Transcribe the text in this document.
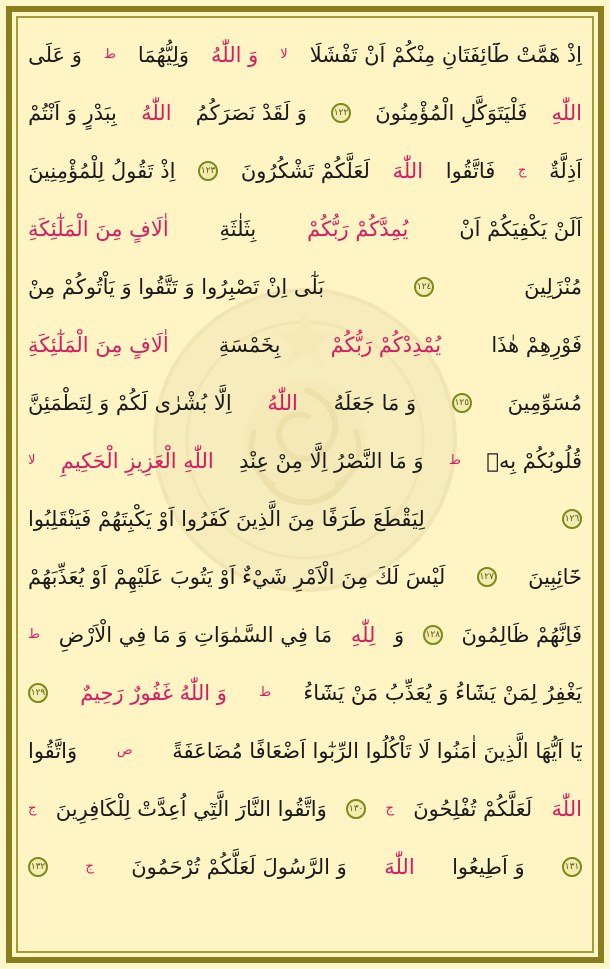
اِذْ هَمَّتْ طَٓائِفَتَانِ مِنْكُمْ اَنْ تَفْشَلَا
لا
وَ اللّٰهُ
وَلِيُّهُمَا
ط
وَ عَلَى
اللّٰهِ
فَلْيَتَوَكَّلِ الْمُؤْمِنُونَ
١٢٢
وَ لَقَدْ نَصَرَكُمُ
اللّٰهُ
بِبَدْرٍ وَ اَنْتُمْ
اَذِلَّةٌ
ج
فَاتَّقُوا
اللّٰهَ
لَعَلَّكُمْ تَشْكُرُونَ
١٢٣
اِذْ تَقُولُ لِلْمُؤْمِنِينَ
اَلَنْ يَكْفِيَكُمْ اَنْ
يُمِدَّكُمْ رَبُّكُمْ
بِثَلٰثَةِ
اٰلَافٍ مِنَ الْمَلٰٓئِكَةِ
مُنْزَلِينَ
١٢٤
بَلٰٓى اِنْ تَصْبِرُوا وَ تَتَّقُوا وَ يَاْتُوكُمْ مِنْ
فَوْرِهِمْ هٰذَا
يُمْدِدْكُمْ رَبُّكُمْ
بِخَمْسَةِ
اٰلَافٍ مِنَ الْمَلٰٓئِكَةِ
مُسَوِّمِينَ
١٢٥
وَ مَا جَعَلَهُ
اللّٰهُ
اِلَّا بُشْرٰى لَكُمْ وَ لِتَطْمَئِنَّ
قُلُوبُكُمْ بِهٖ
ط
وَ مَا النَّصْرُ اِلَّا مِنْ عِنْدِ
اللّٰهِ الْعَزِيزِ الْحَكِيمِ
لا
١٢٦
لِيَقْطَعَ طَرَفًا مِنَ الَّذِينَ كَفَرُوا اَوْ يَكْبِتَهُمْ فَيَنْقَلِبُوا
خَٓائِبِينَ
١٢٧
لَيْسَ لَكَ مِنَ الْاَمْرِ شَيْءٌ اَوْ يَتُوبَ عَلَيْهِمْ اَوْ يُعَذِّبَهُمْ
فَاِنَّهُمْ ظَالِمُونَ
١٢٨
وَ
لِلّٰهِ
مَا فِي السَّمٰوَاتِ وَ مَا فِي الْاَرْضِ
ط
يَغْفِرُ لِمَنْ يَشَٓاءُ وَ يُعَذِّبُ مَنْ يَشَٓاءُ
ط
وَ اللّٰهُ غَفُورٌ رَحِيمٌ
١٢٩
يَٓا اَيُّهَا الَّذِينَ اٰمَنُوا لَا تَاْكُلُوا الرِّبٰٓوا اَضْعَافًا مُضَاعَفَةً
ص
وَاتَّقُوا
اللّٰهَ
لَعَلَّكُمْ تُفْلِحُونَ
ج
١٣٠
وَاتَّقُوا النَّارَ الَّتِٓي اُعِدَّتْ لِلْكَافِرِينَ
ج
١٣١
وَ اَطِيعُوا
اللّٰهَ
وَ الرَّسُولَ لَعَلَّكُمْ تُرْحَمُونَ
ج
١٣٢
